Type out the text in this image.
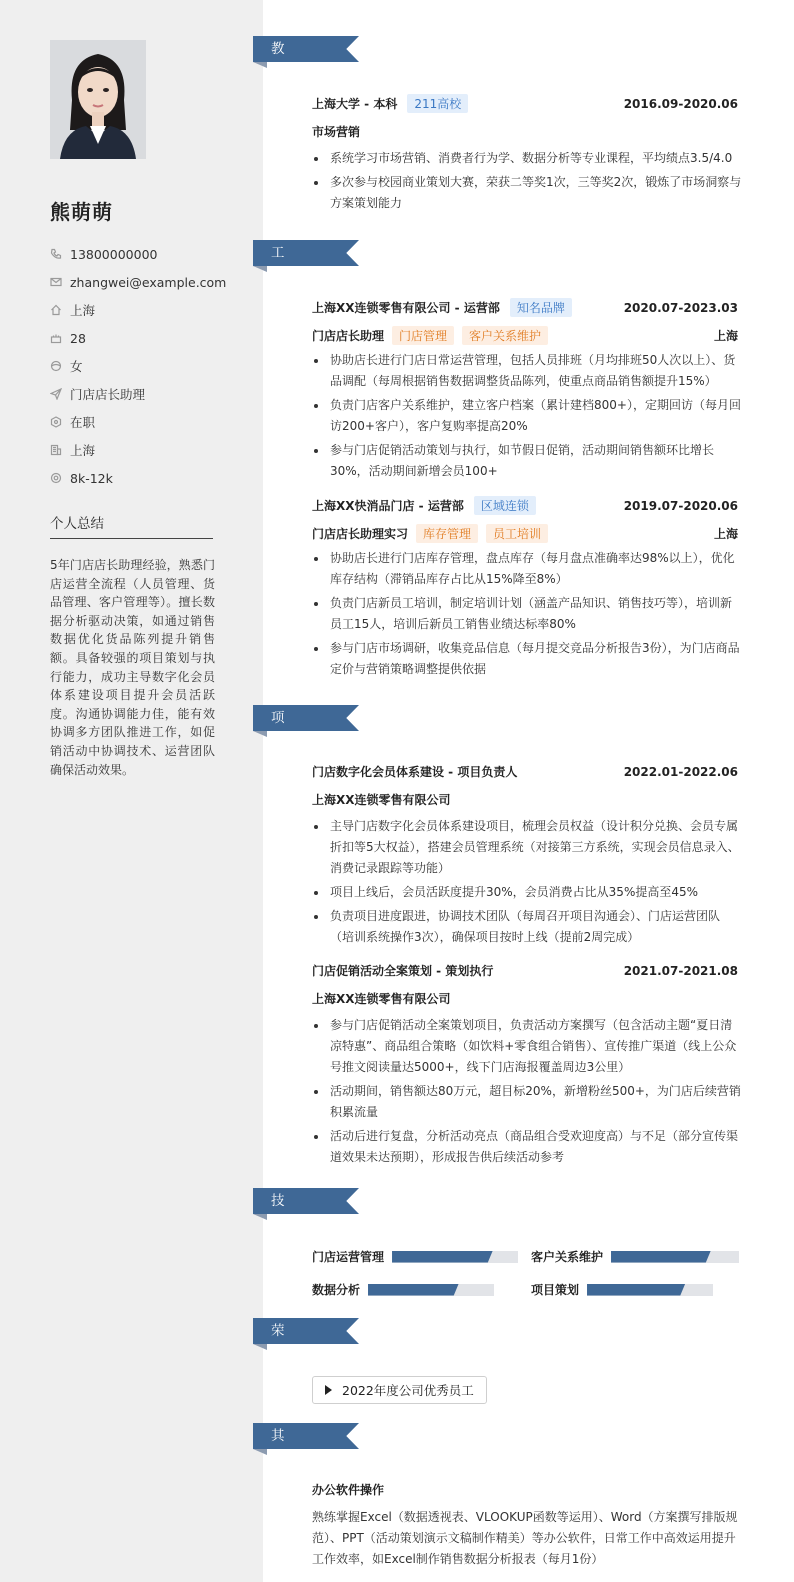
熊萌萌
13800000000
zhangwei@example.com
上海
28
女
门店店长助理
在职
上海
8k-12k
个人总结
5年门店店长助理经验，熟悉门店运营全流程（人员管理、货品管理、客户管理等）。擅长数据分析驱动决策，如通过销售数据优化货品陈列提升销售额。具备较强的项目策划与执行能力，成功主导数字化会员体系建设项目提升会员活跃度。沟通协调能力佳，能有效协调多方团队推进工作，如促销活动中协调技术、运营团队确保活动效果。
教育经历
上海大学 - 本科	211高校	2016.09-2020.06
市场营销
系统学习市场营销、消费者行为学、数据分析等专业课程，平均绩点3.5/4.0
多次参与校园商业策划大赛，荣获二等奖1次，三等奖2次，锻炼了市场洞察与方案策划能力
工作经历
上海XX连锁零售有限公司 - 运营部	知名品牌	2020.07-2023.03
门店店长助理	门店管理	客户关系维护	上海
协助店长进行门店日常运营管理，包括人员排班（月均排班50人次以上）、货品调配（每周根据销售数据调整货品陈列，使重点商品销售额提升15%）
负责门店客户关系维护，建立客户档案（累计建档800+），定期回访（每月回访200+客户），客户复购率提高20%
参与门店促销活动策划与执行，如节假日促销，活动期间销售额环比增长30%，活动期间新增会员100+
上海XX快消品门店 - 运营部	区域连锁	2019.07-2020.06
门店店长助理实习	库存管理	员工培训	上海
协助店长进行门店库存管理，盘点库存（每月盘点准确率达98%以上），优化库存结构（滞销品库存占比从15%降至8%）
负责门店新员工培训，制定培训计划（涵盖产品知识、销售技巧等），培训新员工15人，培训后新员工销售业绩达标率80%
参与门店市场调研，收集竞品信息（每月提交竞品分析报告3份），为门店商品定价与营销策略调整提供依据
项目经历
门店数字化会员体系建设 - 项目负责人	2022.01-2022.06
上海XX连锁零售有限公司
主导门店数字化会员体系建设项目，梳理会员权益（设计积分兑换、会员专属折扣等5大权益），搭建会员管理系统（对接第三方系统，实现会员信息录入、消费记录跟踪等功能）
项目上线后，会员活跃度提升30%，会员消费占比从35%提高至45%
负责项目进度跟进，协调技术团队（每周召开项目沟通会）、门店运营团队（培训系统操作3次），确保项目按时上线（提前2周完成）
门店促销活动全案策划 - 策划执行	2021.07-2021.08
上海XX连锁零售有限公司
参与门店促销活动全案策划项目，负责活动方案撰写（包含活动主题“夏日清凉特惠”、商品组合策略（如饮料+零食组合销售）、宣传推广渠道（线上公众号推文阅读量达5000+，线下门店海报覆盖周边3公里）
活动期间，销售额达80万元，超目标20%，新增粉丝500+，为门店后续营销积累流量
活动后进行复盘，分析活动亮点（商品组合受欢迎度高）与不足（部分宣传渠道效果未达预期），形成报告供后续活动参考
技能专长
门店运营管理	客户关系维护
数据分析	项目策划
荣誉奖项
2022年度公司优秀员工
其他信息
办公软件操作
熟练掌握Excel（数据透视表、VLOOKUP函数等运用）、Word（方案撰写排版规范）、PPT（活动策划演示文稿制作精美）等办公软件，日常工作中高效运用提升工作效率，如Excel制作销售数据分析报表（每月1份）
